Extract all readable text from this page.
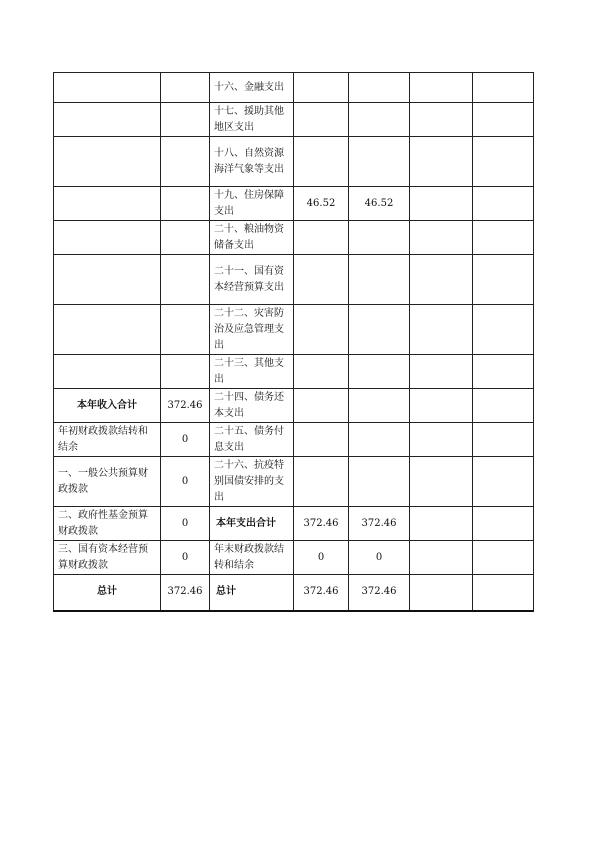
		十六、金融支出				
		十七、援助其他地区支出				
		十八、自然资源海洋气象等支出				
		十九、住房保障支出	46.52	46.52		
		二十、粮油物资储备支出				
		二十一、国有资本经营预算支出				
		二十二、灾害防治及应急管理支出				
		二十三、其他支出				
本年收入合计	372.46	二十四、债务还本支出				
年初财政拨款结转和结余	0	二十五、债务付息支出				
一、一般公共预算财政拨款	0	二十六、抗疫特别国债安排的支出				
二、政府性基金预算财政拨款	0	本年支出合计	372.46	372.46		
三、国有资本经营预算财政拨款	0	年末财政拨款结转和结余	0	0		
总计	372.46	总计	372.46	372.46		
